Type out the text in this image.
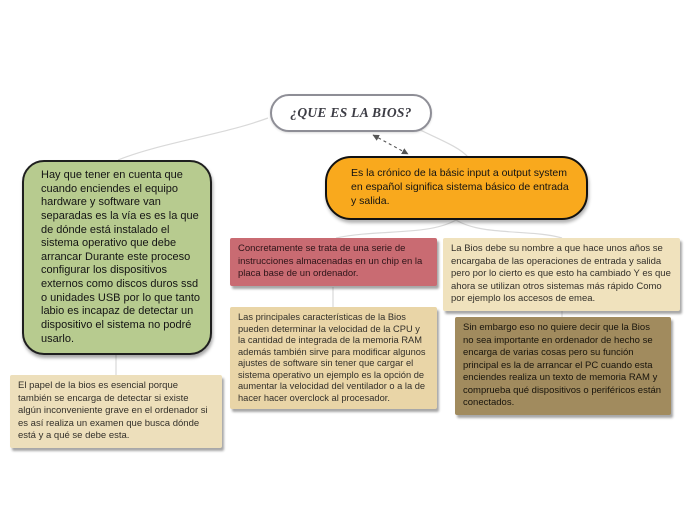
¿QUE ES LA BIOS?
Hay que tener en cuenta que cuando enciendes el equipo hardware y software van separadas es la vía es es la que de dónde está instalado el sistema operativo que debe arrancar Durante este proceso configurar los dispositivos externos como discos duros ssd o unidades USB por lo que tanto labio es incapaz de detectar un dispositivo el sistema no podré usarlo.
Es la crónico de la básic input a output system en español significa sistema básico de entrada y salida.
Concretamente se trata de una serie de instrucciones almacenadas en un chip en la placa base de un ordenador.
La Bios debe su nombre a que hace unos años se encargaba de las operaciones de entrada y salida pero por lo cierto es que esto ha cambiado Y es que ahora se utilizan otros sistemas más rápido Como por ejemplo los accesos de emea.
Las principales características de la Bios pueden determinar la velocidad de la CPU y la cantidad de integrada de la memoria RAM además también sirve para modificar algunos ajustes de software sin tener que cargar el sistema operativo un ejemplo es la opción de aumentar la velocidad del ventilador o a la de hacer hacer overclock al procesador.
Sin embargo eso no quiere decir que la Bios no sea importante en ordenador de hecho se encarga de varias cosas pero su función principal es la de arrancar el PC cuando esta enciendes realiza un texto de memoria RAM y comprueba qué dispositivos o periféricos están conectados.
El papel de la bios es esencial porque también se encarga de detectar si existe algún inconveniente grave en el ordenador si es así realiza un examen que busca dónde está y a qué se debe esta.
